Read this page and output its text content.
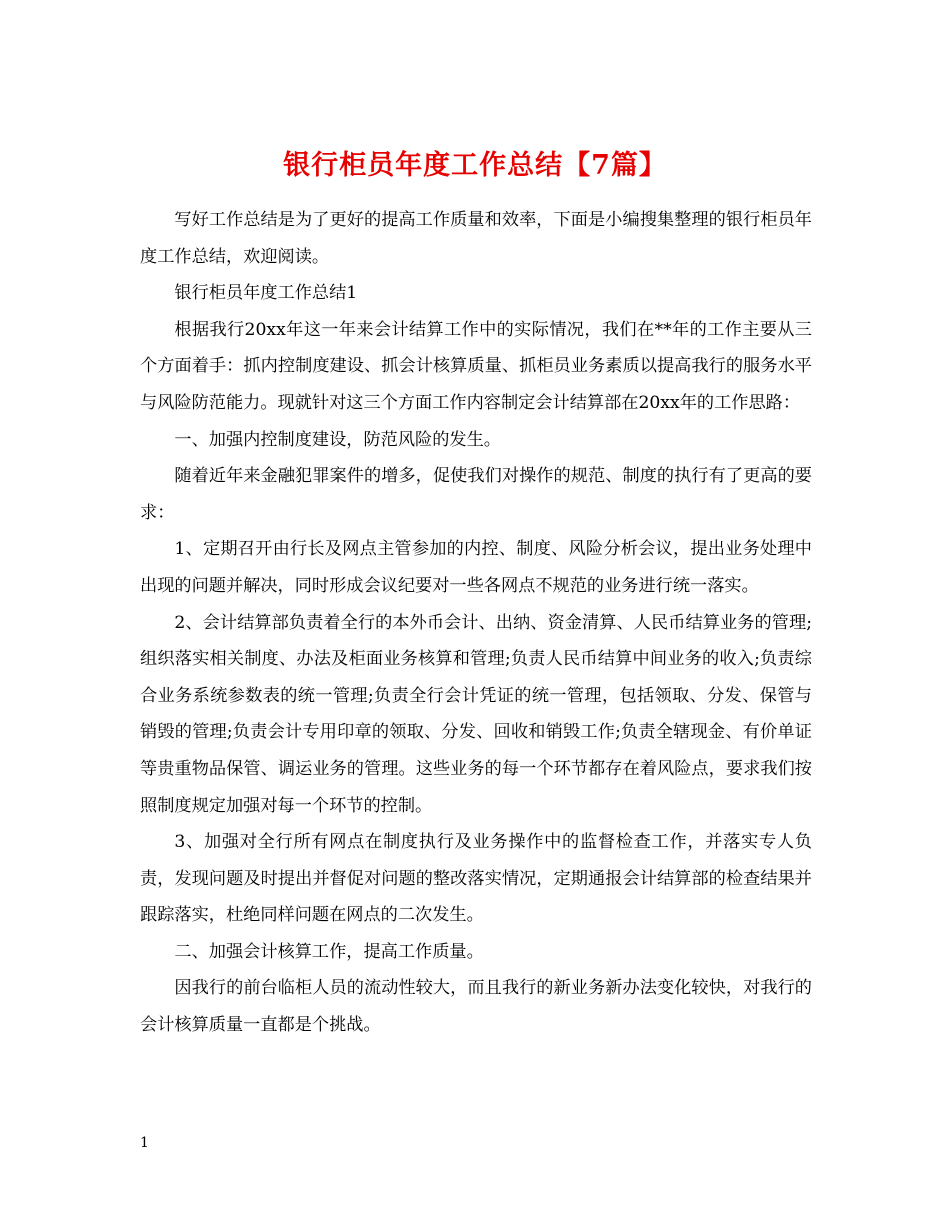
银行柜员年度工作总结【7篇】

写好工作总结是为了更好的提高工作质量和效率，下面是小编搜集整理的银行柜员年度工作总结，欢迎阅读。

银行柜员年度工作总结1

根据我行20xx年这一年来会计结算工作中的实际情况，我们在**年的工作主要从三个方面着手：抓内控制度建设、抓会计核算质量、抓柜员业务素质以提高我行的服务水平与风险防范能力。现就针对这三个方面工作内容制定会计结算部在20xx年的工作思路：

一、加强内控制度建设，防范风险的发生。

随着近年来金融犯罪案件的增多，促使我们对操作的规范、制度的执行有了更高的要求：

1、定期召开由行长及网点主管参加的内控、制度、风险分析会议，提出业务处理中出现的问题并解决，同时形成会议纪要对一些各网点不规范的业务进行统一落实。

2、会计结算部负责着全行的本外币会计、出纳、资金清算、人民币结算业务的管理;组织落实相关制度、办法及柜面业务核算和管理;负责人民币结算中间业务的收入;负责综合业务系统参数表的统一管理;负责全行会计凭证的统一管理，包括领取、分发、保管与销毁的管理;负责会计专用印章的领取、分发、回收和销毁工作;负责全辖现金、有价单证等贵重物品保管、调运业务的管理。这些业务的每一个环节都存在着风险点，要求我们按照制度规定加强对每一个环节的控制。

3、加强对全行所有网点在制度执行及业务操作中的监督检查工作，并落实专人负责，发现问题及时提出并督促对问题的整改落实情况，定期通报会计结算部的检查结果并跟踪落实，杜绝同样问题在网点的二次发生。

二、加强会计核算工作，提高工作质量。

因我行的前台临柜人员的流动性较大，而且我行的新业务新办法变化较快，对我行的会计核算质量一直都是个挑战。

1
